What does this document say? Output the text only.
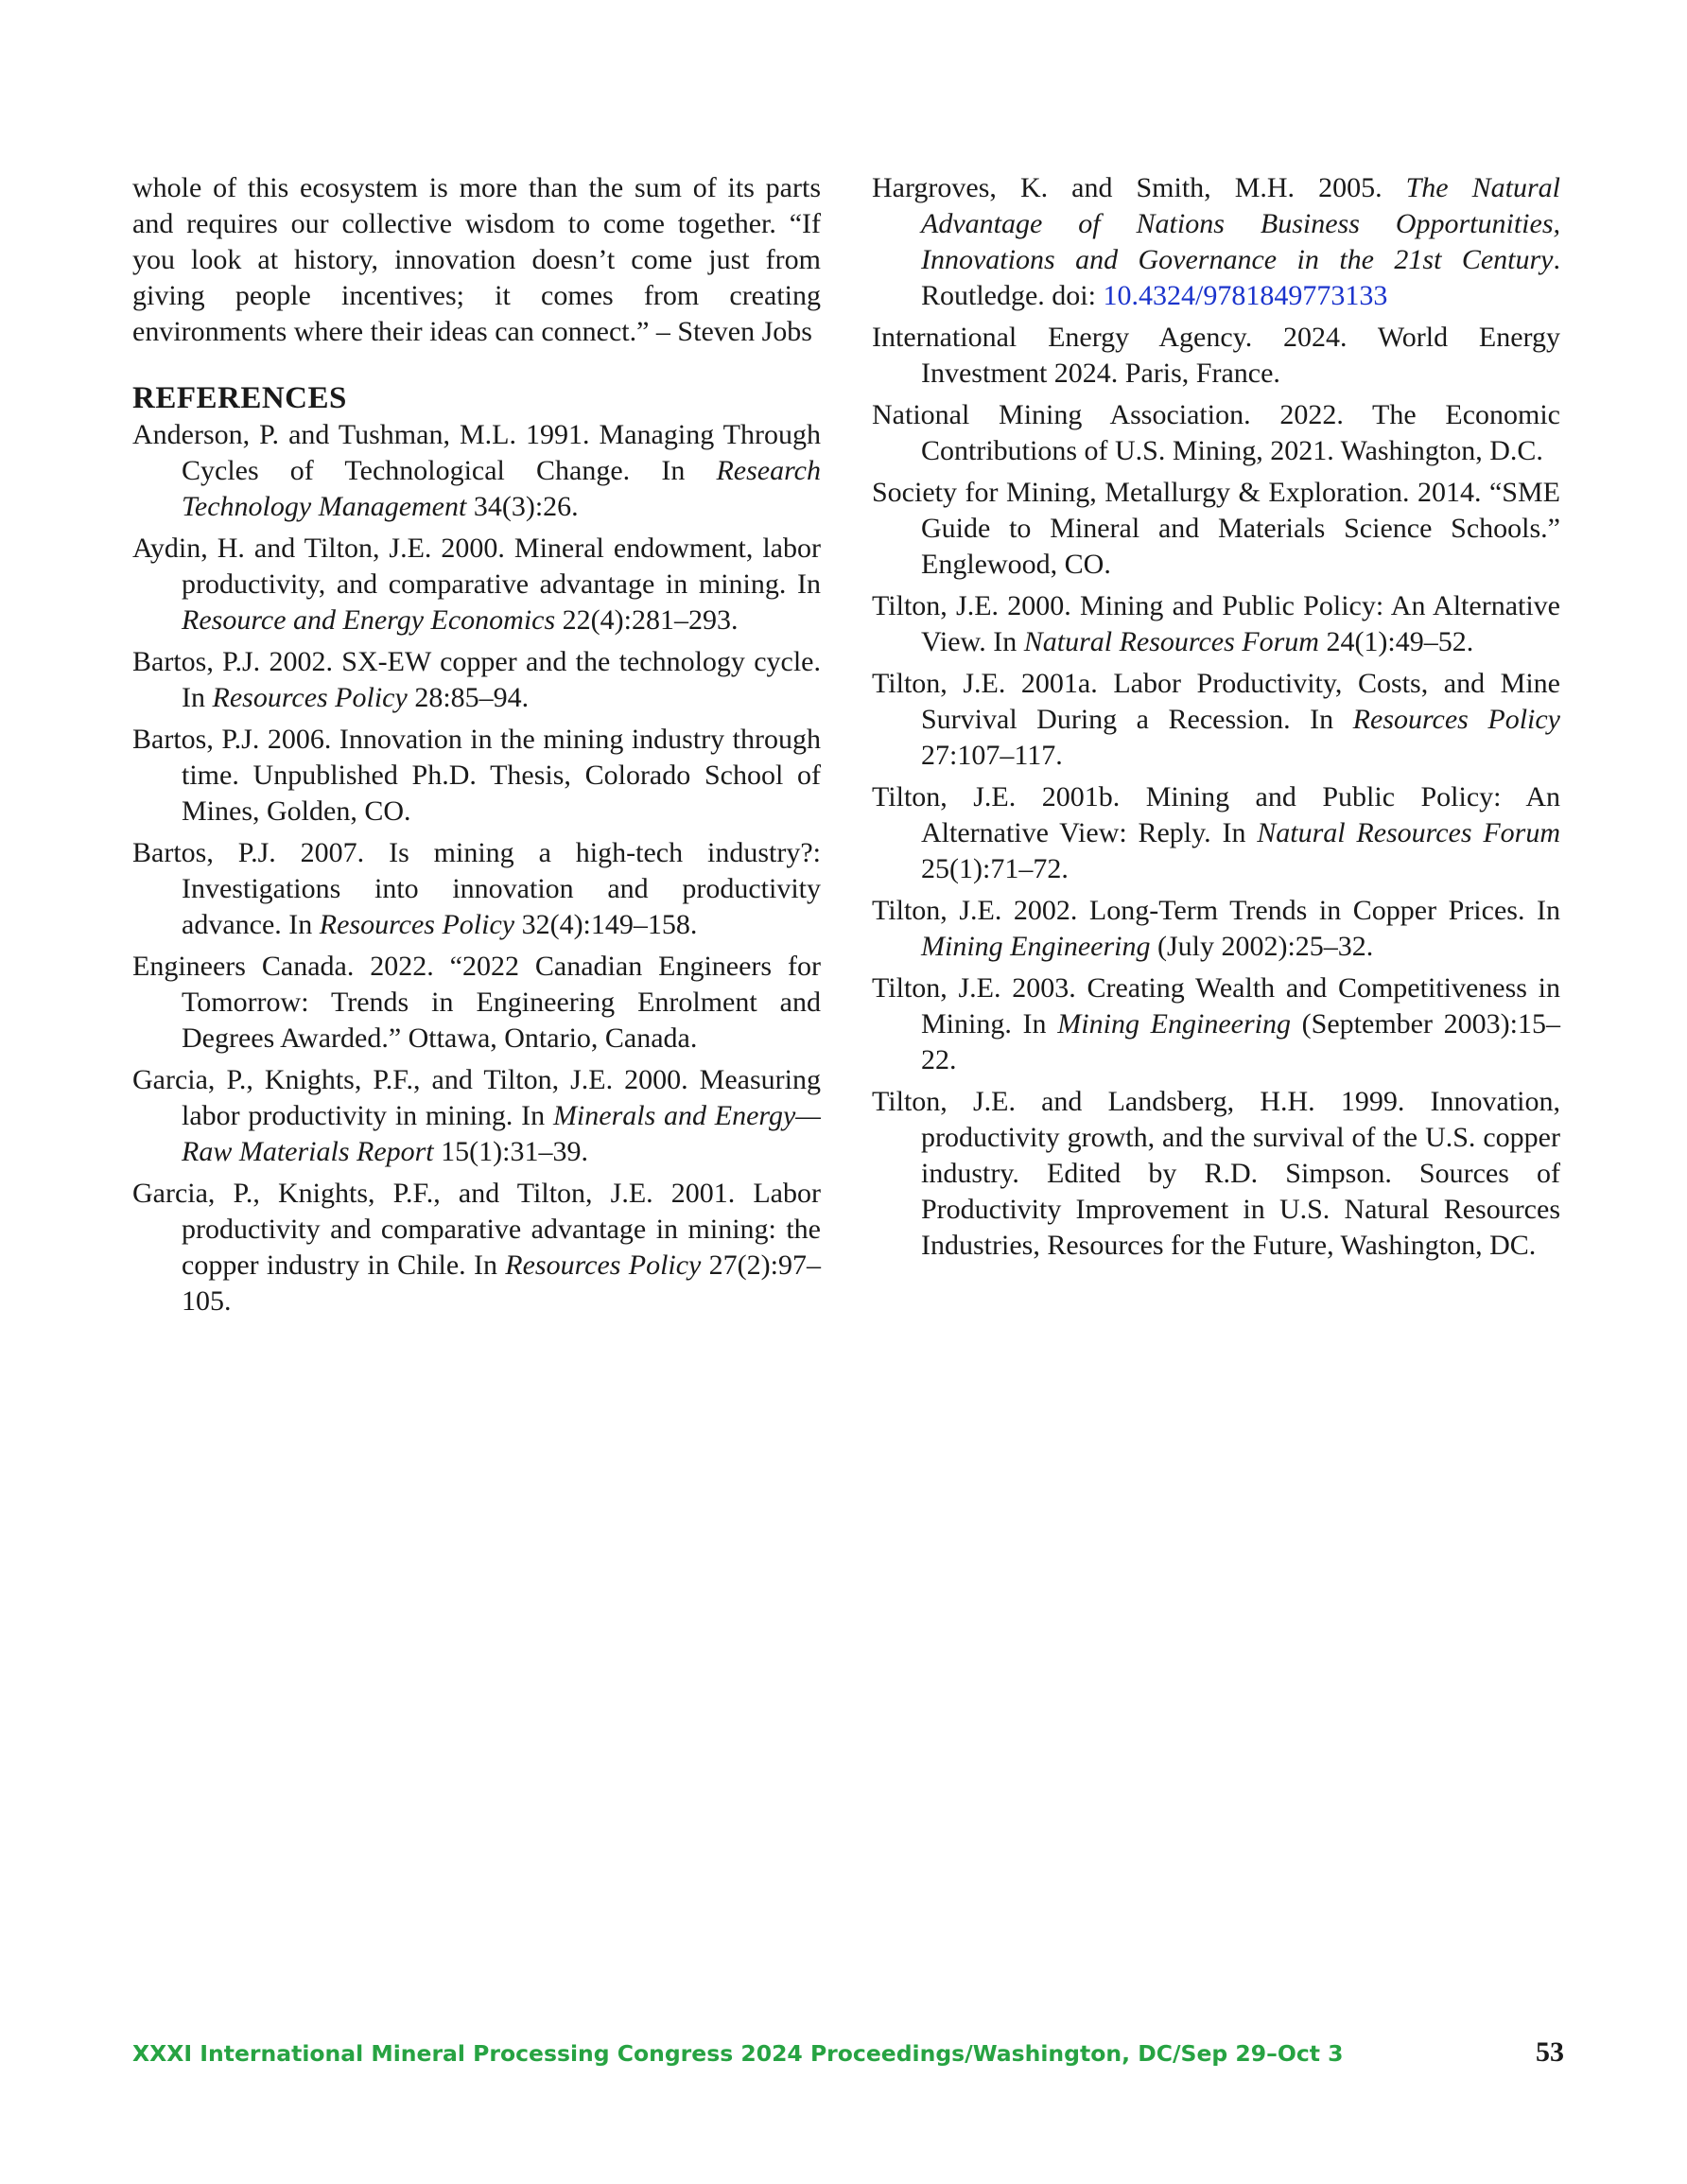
whole of this ecosystem is more than the sum of its parts and requires our collective wisdom to come together. “If you look at history, innovation doesn’t come just from giving people incentives; it comes from creating environments where their ideas can connect.” – Steven Jobs

REFERENCES

Anderson, P. and Tushman, M.L. 1991. Managing Through Cycles of Technological Change. In Research Technology Management 34(3):26.

Aydin, H. and Tilton, J.E. 2000. Mineral endowment, labor productivity, and comparative advantage in mining. In Resource and Energy Economics 22(4):281–293.

Bartos, P.J. 2002. SX-EW copper and the technology cycle. In Resources Policy 28:85–94.

Bartos, P.J. 2006. Innovation in the mining industry through time. Unpublished Ph.D. Thesis, Colorado School of Mines, Golden, CO.

Bartos, P.J. 2007. Is mining a high-tech industry?: Investigations into innovation and productivity advance. In Resources Policy 32(4):149–158.

Engineers Canada. 2022. “2022 Canadian Engineers for Tomorrow: Trends in Engineering Enrolment and Degrees Awarded.” Ottawa, Ontario, Canada.

Garcia, P., Knights, P.F., and Tilton, J.E. 2000. Measuring labor productivity in mining. In Minerals and Energy—Raw Materials Report 15(1):31–39.

Garcia, P., Knights, P.F., and Tilton, J.E. 2001. Labor productivity and comparative advantage in mining: the copper industry in Chile. In Resources Policy 27(2):97–105.

Hargroves, K. and Smith, M.H. 2005. The Natural Advantage of Nations Business Opportunities, Innovations and Governance in the 21st Century. Routledge. doi: 10.4324/9781849773133

International Energy Agency. 2024. World Energy Investment 2024. Paris, France.

National Mining Association. 2022. The Economic Contributions of U.S. Mining, 2021. Washington, D.C.

Society for Mining, Metallurgy & Exploration. 2014. “SME Guide to Mineral and Materials Science Schools.” Englewood, CO.

Tilton, J.E. 2000. Mining and Public Policy: An Alternative View. In Natural Resources Forum 24(1):49–52.

Tilton, J.E. 2001a. Labor Productivity, Costs, and Mine Survival During a Recession. In Resources Policy 27:107–117.

Tilton, J.E. 2001b. Mining and Public Policy: An Alternative View: Reply. In Natural Resources Forum 25(1):71–72.

Tilton, J.E. 2002. Long-Term Trends in Copper Prices. In Mining Engineering (July 2002):25–32.

Tilton, J.E. 2003. Creating Wealth and Competitiveness in Mining. In Mining Engineering (September 2003):15–22.

Tilton, J.E. and Landsberg, H.H. 1999. Innovation, productivity growth, and the survival of the U.S. copper industry. Edited by R.D. Simpson. Sources of Productivity Improvement in U.S. Natural Resources Industries, Resources for the Future, Washington, DC.

XXXI International Mineral Processing Congress 2024 Proceedings/Washington, DC/Sep 29–Oct 3	53
